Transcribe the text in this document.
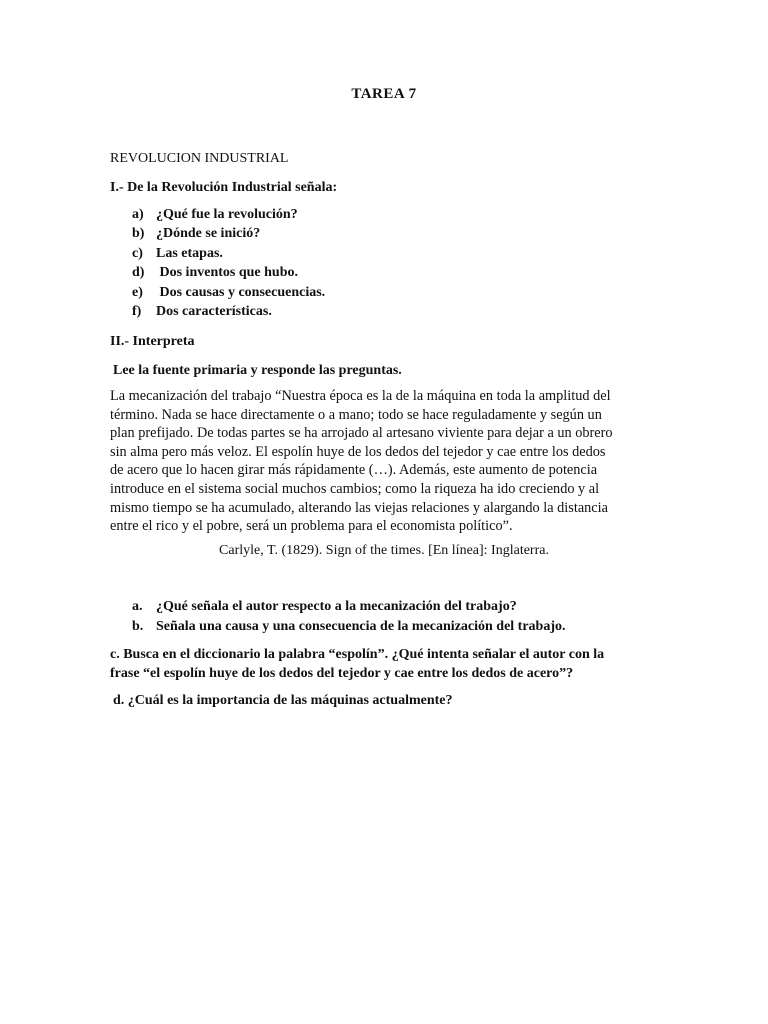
TAREA 7
REVOLUCION INDUSTRIAL
I.- De la Revolución Industrial señala:
a) ¿Qué fue la revolución?
b) ¿Dónde se inició?
c) Las etapas.
d) Dos inventos que hubo.
e) Dos causas y consecuencias.
f)	Dos características.
II.- Interpreta
Lee la fuente primaria y responde las preguntas.
La mecanización del trabajo “Nuestra época es la de la máquina en toda la amplitud del
término. Nada se hace directamente o a mano; todo se hace reguladamente y según un
plan prefijado. De todas partes se ha arrojado al artesano viviente para dejar a un obrero
sin alma pero más veloz. El espolín huye de los dedos del tejedor y cae entre los dedos
de acero que lo hacen girar más rápidamente (…). Además, este aumento de potencia
introduce en el sistema social muchos cambios; como la riqueza ha ido creciendo y al
mismo tiempo se ha acumulado, alterando las viejas relaciones y alargando la distancia
entre el rico y el pobre, será un problema para el economista político”.
Carlyle, T. (1829). Sign of the times. [En línea]: Inglaterra.
a. ¿Qué señala el autor respecto a la mecanización del trabajo?
b. Señala una causa y una consecuencia de la mecanización del trabajo.
c. Busca en el diccionario la palabra “espolín”. ¿Qué intenta señalar el autor con la
frase “el espolín huye de los dedos del tejedor y cae entre los dedos de acero”?
d. ¿Cuál es la importancia de las máquinas actualmente?
